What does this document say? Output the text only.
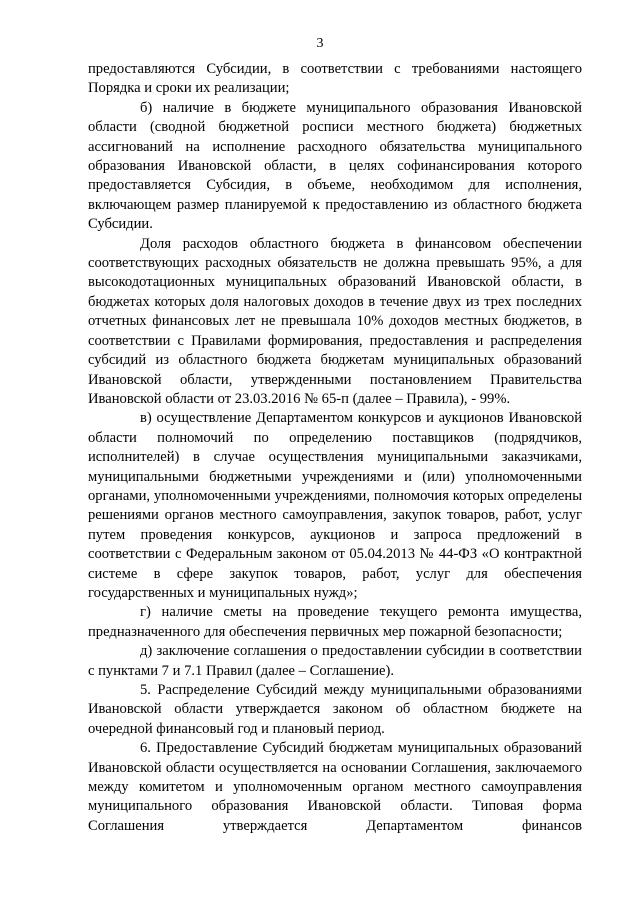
3

предоставляются Субсидии, в соответствии с требованиями настоящего Порядка и сроки их реализации;

б) наличие в бюджете муниципального образования Ивановской области (сводной бюджетной росписи местного бюджета) бюджетных ассигнований на исполнение расходного обязательства муниципального образования Ивановской области, в целях софинансирования которого предоставляется Субсидия, в объеме, необходимом для исполнения, включающем размер планируемой к предоставлению из областного бюджета Субсидии.

Доля расходов областного бюджета в финансовом обеспечении соответствующих расходных обязательств не должна превышать 95%, а для высокодотационных муниципальных образований Ивановской области, в бюджетах которых доля налоговых доходов в течение двух из трех последних отчетных финансовых лет не превышала 10% доходов местных бюджетов, в соответствии с Правилами формирования, предоставления и распределения субсидий из областного бюджета бюджетам муниципальных образований Ивановской области, утвержденными постановлением Правительства Ивановской области от 23.03.2016 № 65-п (далее – Правила), - 99%.

в) осуществление Департаментом конкурсов и аукционов Ивановской области полномочий по определению поставщиков (подрядчиков, исполнителей) в случае осуществления муниципальными заказчиками, муниципальными бюджетными учреждениями и (или) уполномоченными органами, уполномоченными учреждениями, полномочия которых определены решениями органов местного самоуправления, закупок товаров, работ, услуг путем проведения конкурсов, аукционов и запроса предложений в соответствии с Федеральным законом от 05.04.2013 № 44-ФЗ «О контрактной системе в сфере закупок товаров, работ, услуг для обеспечения государственных и муниципальных нужд»;

г) наличие сметы на проведение текущего ремонта имущества, предназначенного для обеспечения первичных мер пожарной безопасности;

д) заключение соглашения о предоставлении субсидии в соответствии с пунктами 7 и 7.1 Правил (далее – Соглашение).

5. Распределение Субсидий между муниципальными образованиями Ивановской области утверждается законом об областном бюджете на очередной финансовый год и плановый период.

6. Предоставление Субсидий бюджетам муниципальных образований Ивановской области осуществляется на основании Соглашения, заключаемого между комитетом и уполномоченным органом местного самоуправления муниципального образования Ивановской области. Типовая форма Соглашения утверждается Департаментом финансов
